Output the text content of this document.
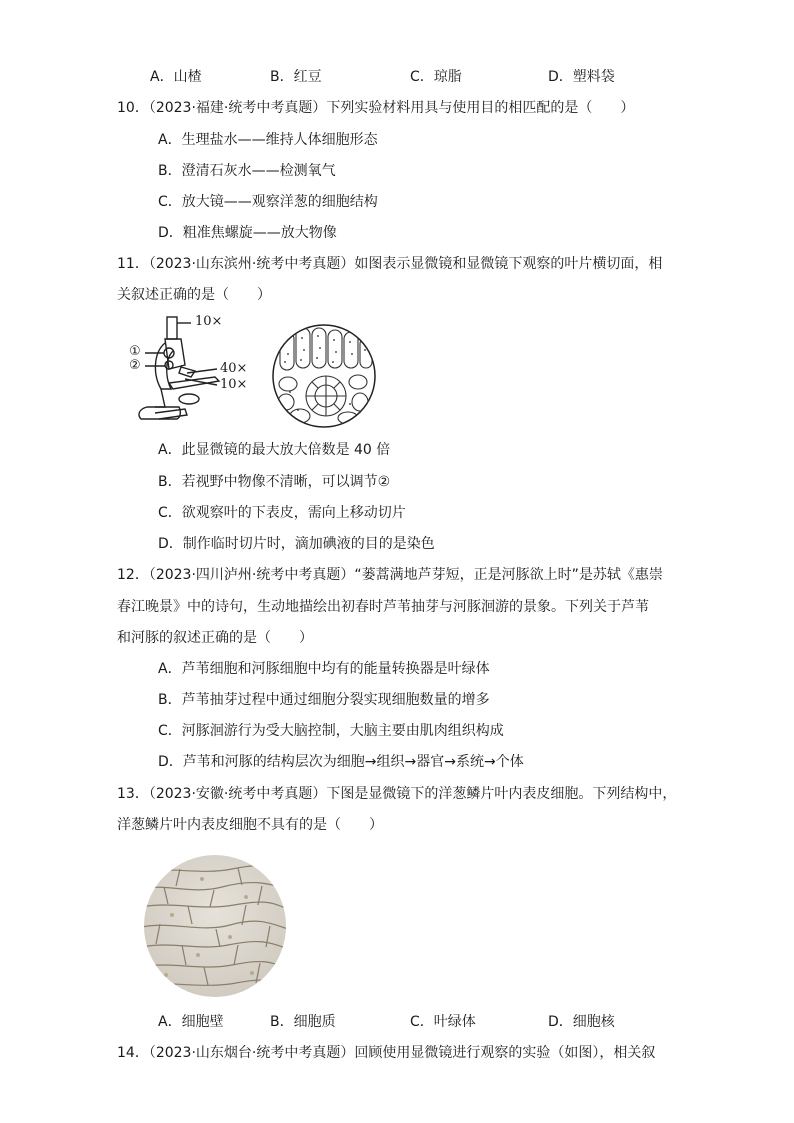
A．山楂	B．红豆	C．琼脂	D．塑料袋
10．（2023·福建·统考中考真题）下列实验材料用具与使用目的相匹配的是（　　）
A．生理盐水——维持人体细胞形态
B．澄清石灰水——检测氧气
C．放大镜——观察洋葱的细胞结构
D．粗准焦螺旋——放大物像
11．（2023·山东滨州·统考中考真题）如图表示显微镜和显微镜下观察的叶片横切面，相
关叙述正确的是（　　）
10×
①
②	40×
10×
A．此显微镜的最大放大倍数是 40 倍
B．若视野中物像不清晰，可以调节②
C．欲观察叶的下表皮，需向上移动切片
D．制作临时切片时，滴加碘液的目的是染色
12．（2023·四川泸州·统考中考真题）“蒌蒿满地芦芽短，正是河豚欲上时”是苏轼《惠崇
春江晚景》中的诗句，生动地描绘出初春时芦苇抽芽与河豚洄游的景象。下列关于芦苇
和河豚的叙述正确的是（　　）
A．芦苇细胞和河豚细胞中均有的能量转换器是叶绿体
B．芦苇抽芽过程中通过细胞分裂实现细胞数量的增多
C．河豚洄游行为受大脑控制，大脑主要由肌肉组织构成
D．芦苇和河豚的结构层次为细胞→组织→器官→系统→个体
13．（2023·安徽·统考中考真题）下图是显微镜下的洋葱鳞片叶内表皮细胞。下列结构中，
洋葱鳞片叶内表皮细胞不具有的是（　　）
A．细胞壁	B．细胞质	C．叶绿体	D．细胞核
14．（2023·山东烟台·统考中考真题）回顾使用显微镜进行观察的实验（如图），相关叙
